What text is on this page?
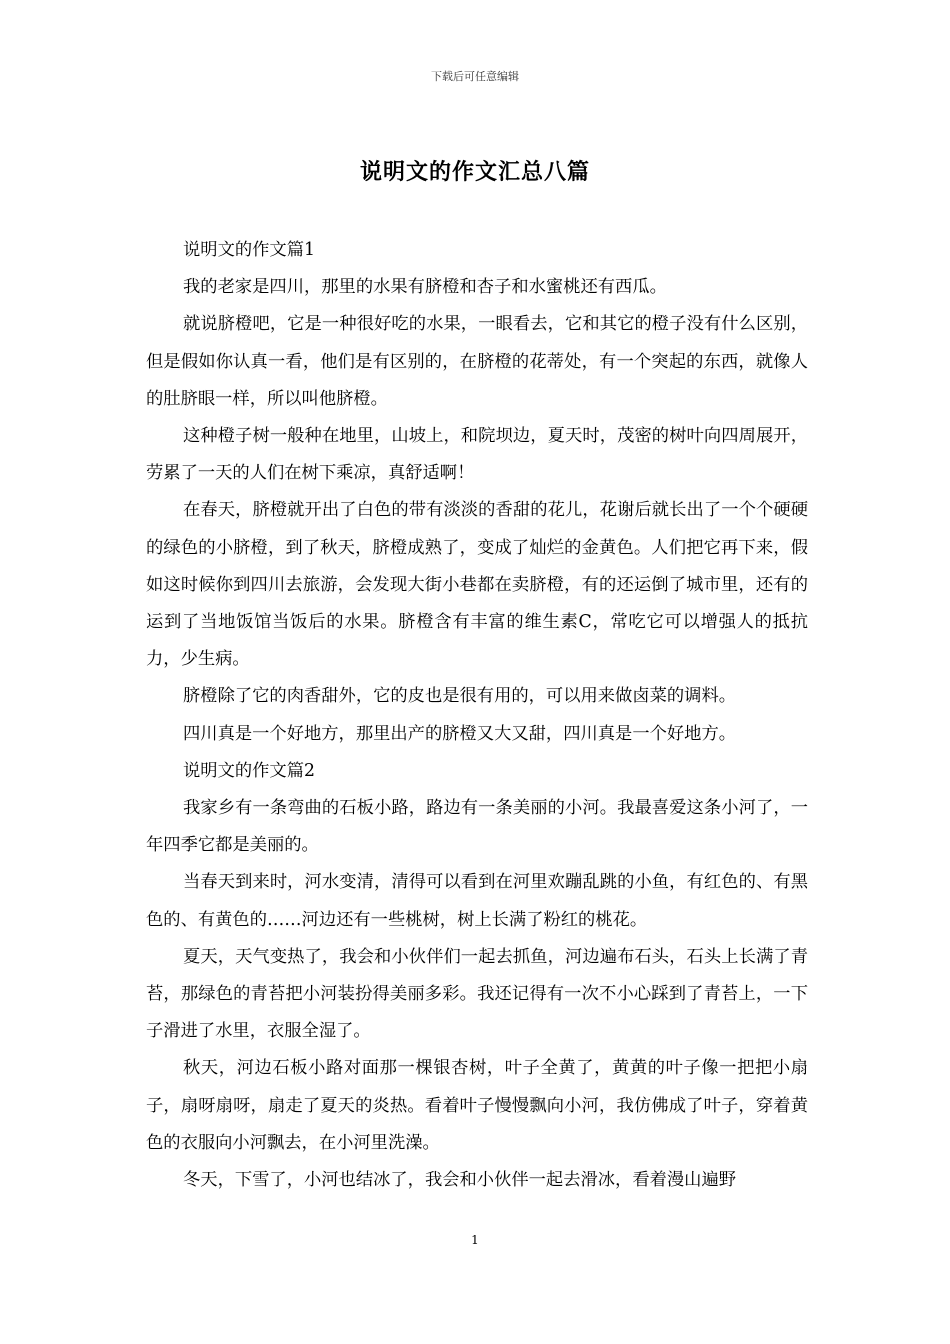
下载后可任意编辑
说明文的作文汇总八篇

说明文的作文篇1

我的老家是四川，那里的水果有脐橙和杏子和水蜜桃还有西瓜。

就说脐橙吧，它是一种很好吃的水果，一眼看去，它和其它的橙子没有什么区别，但是假如你认真一看，他们是有区别的，在脐橙的花蒂处，有一个突起的东西，就像人的肚脐眼一样，所以叫他脐橙。

这种橙子树一般种在地里，山坡上，和院坝边，夏天时，茂密的树叶向四周展开，劳累了一天的人们在树下乘凉，真舒适啊！

在春天，脐橙就开出了白色的带有淡淡的香甜的花儿，花谢后就长出了一个个硬硬的绿色的小脐橙，到了秋天，脐橙成熟了，变成了灿烂的金黄色。人们把它再下来，假如这时候你到四川去旅游，会发现大街小巷都在卖脐橙，有的还运倒了城市里，还有的运到了当地饭馆当饭后的水果。脐橙含有丰富的维生素C，常吃它可以增强人的抵抗力，少生病。

脐橙除了它的肉香甜外，它的皮也是很有用的，可以用来做卤菜的调料。

四川真是一个好地方，那里出产的脐橙又大又甜，四川真是一个好地方。

说明文的作文篇2

我家乡有一条弯曲的石板小路，路边有一条美丽的小河。我最喜爱这条小河了，一年四季它都是美丽的。

当春天到来时，河水变清，清得可以看到在河里欢蹦乱跳的小鱼，有红色的、有黑色的、有黄色的……河边还有一些桃树，树上长满了粉红的桃花。

夏天，天气变热了，我会和小伙伴们一起去抓鱼，河边遍布石头，石头上长满了青苔，那绿色的青苔把小河装扮得美丽多彩。我还记得有一次不小心踩到了青苔上，一下子滑进了水里，衣服全湿了。

秋天，河边石板小路对面那一棵银杏树，叶子全黄了，黄黄的叶子像一把把小扇子，扇呀扇呀，扇走了夏天的炎热。看着叶子慢慢飘向小河，我仿佛成了叶子，穿着黄色的衣服向小河飘去，在小河里洗澡。

冬天，下雪了，小河也结冰了，我会和小伙伴一起去滑冰，看着漫山遍野

1
